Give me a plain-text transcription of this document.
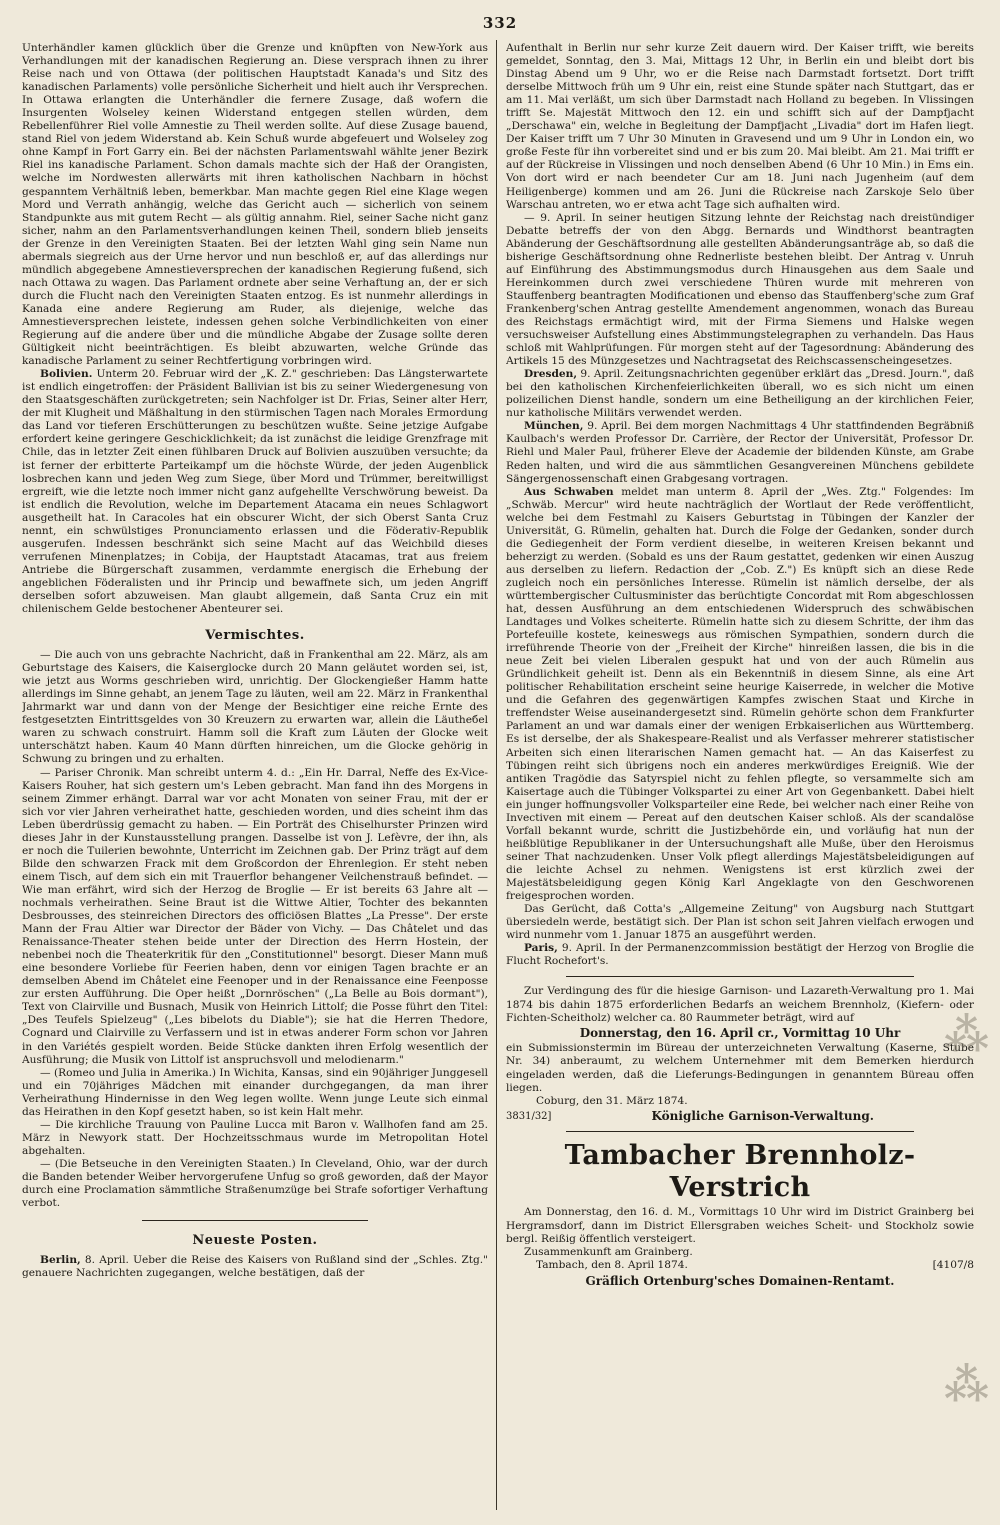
332

Unterhändler kamen glücklich über die Grenze und knüpften von New-York aus Verhandlungen mit der kanadischen Regierung an. Diese versprach ihnen zu ihrer Reise nach und von Ottawa (der politischen Hauptstadt Kanada's und Sitz des kanadischen Parlaments) volle persönliche Sicherheit und hielt auch ihr Versprechen. In Ottawa erlangten die Unterhändler die fernere Zusage, daß wofern die Insurgenten Wolseley keinen Widerstand entgegen stellen würden, dem Rebellenführer Riel volle Amnestie zu Theil werden sollte. Auf diese Zusage bauend, stand Riel von jedem Widerstand ab. Kein Schuß wurde abgefeuert und Wolseley zog ohne Kampf in Fort Garry ein. Bei der nächsten Parlamentswahl wählte jener Bezirk Riel ins kanadische Parlament. Schon damals machte sich der Haß der Orangisten, welche im Nordwesten allerwärts mit ihren katholischen Nachbarn in höchst gespanntem Verhältniß leben, bemerkbar. Man machte gegen Riel eine Klage wegen Mord und Verrath anhängig, welche das Gericht auch — sicherlich von seinem Standpunkte aus mit gutem Recht — als gültig annahm. Riel, seiner Sache nicht ganz sicher, nahm an den Parlamentsverhandlungen keinen Theil, sondern blieb jenseits der Grenze in den Vereinigten Staaten. Bei der letzten Wahl ging sein Name nun abermals siegreich aus der Urne hervor und nun beschloß er, auf das allerdings nur mündlich abgegebene Amnestieversprechen der kanadischen Regierung fußend, sich nach Ottawa zu wagen. Das Parlament ordnete aber seine Verhaftung an, der er sich durch die Flucht nach den Vereinigten Staaten entzog. Es ist nunmehr allerdings in Kanada eine andere Regierung am Ruder, als diejenige, welche das Amnestieversprechen leistete, indessen gehen solche Verbindlichkeiten von einer Regierung auf die andere über und die mündliche Abgabe der Zusage sollte deren Gültigkeit nicht beeinträchtigen. Es bleibt abzuwarten, welche Gründe das kanadische Parlament zu seiner Rechtfertigung vorbringen wird.

Bolivien. Unterm 20. Februar wird der „K. Z." geschrieben: Das Längsterwartete ist endlich eingetroffen: der Präsident Ballivian ist bis zu seiner Wiedergenesung von den Staatsgeschäften zurückgetreten; sein Nachfolger ist Dr. Frias, Seiner alter Herr, der mit Klugheit und Mäßhaltung in den stürmischen Tagen nach Morales Ermordung das Land vor tieferen Erschütterungen zu beschützen wußte. Seine jetzige Aufgabe erfordert keine geringere Geschicklichkeit; da ist zunächst die leidige Grenzfrage mit Chile, das in letzter Zeit einen fühlbaren Druck auf Bolivien auszuüben versuchte; da ist ferner der erbitterte Parteikampf um die höchste Würde, der jeden Augenblick losbrechen kann und jeden Weg zum Siege, über Mord und Trümmer, bereitwilligst ergreift, wie die letzte noch immer nicht ganz aufgehellte Verschwörung beweist. Da ist endlich die Revolution, welche im Departement Atacama ein neues Schlagwort ausgetheilt hat. In Caracoles hat ein obscurer Wicht, der sich Oberst Santa Cruz nennt, ein schwülstiges Pronunciamento erlassen und die Föderativ-Republik ausgerufen. Indessen beschränkt sich seine Macht auf das Weichbild dieses verrufenen Minenplatzes; in Cobija, der Hauptstadt Atacamas, trat aus freiem Antriebe die Bürgerschaft zusammen, verdammte energisch die Erhebung der angeblichen Föderalisten und ihr Princip und bewaffnete sich, um jeden Angriff derselben sofort abzuweisen. Man glaubt allgemein, daß Santa Cruz ein mit chilenischem Gelde bestochener Abenteurer sei.

Vermischtes.

— Die auch von uns gebrachte Nachricht, daß in Frankenthal am 22. März, als am Geburtstage des Kaisers, die Kaiserglocke durch 20 Mann geläutet worden sei, ist, wie jetzt aus Worms geschrieben wird, unrichtig. Der Glockengießer Hamm hatte allerdings im Sinne gehabt, an jenem Tage zu läuten, weil am 22. März in Frankenthal Jahrmarkt war und dann von der Menge der Besichtiger eine reiche Ernte des festgesetzten Eintrittsgeldes von 30 Kreuzern zu erwarten war, allein die Läutheбel waren zu schwach construirt. Hamm soll die Kraft zum Läuten der Glocke weit unterschätzt haben. Kaum 40 Mann dürften hinreichen, um die Glocke gehörig in Schwung zu bringen und zu erhalten.

— Pariser Chronik. Man schreibt unterm 4. d.: „Ein Hr. Darral, Neffe des Ex-Vice-Kaisers Rouher, hat sich gestern um's Leben gebracht. Man fand ihn des Morgens in seinem Zimmer erhängt. Darral war vor acht Monaten von seiner Frau, mit der er sich vor vier Jahren verheirathet hatte, geschieden worden, und dies scheint ihm das Leben überdrüssig gemacht zu haben. — Ein Porträt des Chiselhurster Prinzen wird dieses Jahr in der Kunstausstellung prangen. Dasselbe ist von J. Lefèvre, der ihn, als er noch die Tuilerien bewohnte, Unterricht im Zeichnen gab. Der Prinz trägt auf dem Bilde den schwarzen Frack mit dem Großcordon der Ehrenlegion. Er steht neben einem Tisch, auf dem sich ein mit Trauerflor behangener Veilchenstrauß befindet. — Wie man erfährt, wird sich der Herzog de Broglie — Er ist bereits 63 Jahre alt — nochmals verheirathen. Seine Braut ist die Wittwe Altier, Tochter des bekannten Desbrousses, des steinreichen Directors des officiösen Blattes „La Presse". Der erste Mann der Frau Altier war Director der Bäder von Vichy. — Das Châtelet und das Renaissance-Theater stehen beide unter der Direction des Herrn Hostein, der nebenbei noch die Theaterkritik für den „Constitutionnel" besorgt. Dieser Mann muß eine besondere Vorliebe für Feerien haben, denn vor einigen Tagen brachte er an demselben Abend im Châtelet eine Feenoper und in der Renaissance eine Feenposse zur ersten Aufführung. Die Oper heißt „Dornröschen" („La Belle au Bois dormant"), Text von Clairville und Busnach, Musik von Heinrich Littolf; die Posse führt den Titel: „Des Teufels Spielzeug" („Les bibelots du Diable"); sie hat die Herren Thedore, Cognard und Clairville zu Verfassern und ist in etwas anderer Form schon vor Jahren in den Variétés gespielt worden. Beide Stücke dankten ihren Erfolg wesentlich der Ausführung; die Musik von Littolf ist anspruchsvoll und melodienarm."

— (Romeo und Julia in Amerika.) In Wichita, Kansas, sind ein 90jähriger Junggesell und ein 70jähriges Mädchen mit einander durchgegangen, da man ihrer Verheirathung Hindernisse in den Weg legen wollte. Wenn junge Leute sich einmal das Heirathen in den Kopf gesetzt haben, so ist kein Halt mehr.

— Die kirchliche Trauung von Pauline Lucca mit Baron v. Wallhofen fand am 25. März in Newyork statt. Der Hochzeitsschmaus wurde im Metropolitan Hotel abgehalten.

— (Die Betseuche in den Vereinigten Staaten.) In Cleveland, Ohio, war der durch die Banden betender Weiber hervorgerufene Unfug so groß geworden, daß der Mayor durch eine Proclamation sämmtliche Straßenumzüge bei Strafe sofortiger Verhaftung verbot.

Neueste Posten.

Berlin, 8. April. Ueber die Reise des Kaisers von Rußland sind der „Schles. Ztg." genauere Nachrichten zugegangen, welche bestätigen, daß der

Aufenthalt in Berlin nur sehr kurze Zeit dauern wird. Der Kaiser trifft, wie bereits gemeldet, Sonntag, den 3. Mai, Mittags 12 Uhr, in Berlin ein und bleibt dort bis Dinstag Abend um 9 Uhr, wo er die Reise nach Darmstadt fortsetzt. Dort trifft derselbe Mittwoch früh um 9 Uhr ein, reist eine Stunde später nach Stuttgart, das er am 11. Mai verläßt, um sich über Darmstadt nach Holland zu begeben. In Vlissingen trifft Se. Majestät Mittwoch den 12. ein und schifft sich auf der Dampfjacht „Derschawa" ein, welche in Begleitung der Dampfjacht „Livadia" dort im Hafen liegt. Der Kaiser trifft um 7 Uhr 30 Minuten in Gravesend und um 9 Uhr in London ein, wo große Feste für ihn vorbereitet sind und er bis zum 20. Mai bleibt. Am 21. Mai trifft er auf der Rückreise in Vlissingen und noch denselben Abend (6 Uhr 10 Min.) in Ems ein. Von dort wird er nach beendeter Cur am 18. Juni nach Jugenheim (auf dem Heiligenberge) kommen und am 26. Juni die Rückreise nach Zarskoje Selo über Warschau antreten, wo er etwa acht Tage sich aufhalten wird.

— 9. April. In seiner heutigen Sitzung lehnte der Reichstag nach dreistündiger Debatte betreffs der von den Abgg. Bernards und Windthorst beantragten Abänderung der Geschäftsordnung alle gestellten Abänderungsanträge ab, so daß die bisherige Geschäftsordnung ohne Rednerliste bestehen bleibt. Der Antrag v. Unruh auf Einführung des Abstimmungsmodus durch Hinausgehen aus dem Saale und Hereinkommen durch zwei verschiedene Thüren wurde mit mehreren von Stauffenberg beantragten Modificationen und ebenso das Stauffenberg'sche zum Graf Frankenberg'schen Antrag gestellte Amendement angenommen, wonach das Bureau des Reichstags ermächtigt wird, mit der Firma Siemens und Halske wegen versuchsweiser Aufstellung eines Abstimmungstelegraphen zu verhandeln. Das Haus schloß mit Wahlprüfungen. Für morgen steht auf der Tagesordnung: Abänderung des Artikels 15 des Münzgesetzes und Nachtragsetat des Reichscassenscheingesetzes.

Dresden, 9. April. Zeitungsnachrichten gegenüber erklärt das „Dresd. Journ.", daß bei den katholischen Kirchenfeierlichkeiten überall, wo es sich nicht um einen polizeilichen Dienst handle, sondern um eine Betheiligung an der kirchlichen Feier, nur katholische Militärs verwendet werden.

München, 9. April. Bei dem morgen Nachmittags 4 Uhr stattfindenden Begräbniß Kaulbach's werden Professor Dr. Carrière, der Rector der Universität, Professor Dr. Riehl und Maler Paul, früherer Eleve der Academie der bildenden Künste, am Grabe Reden halten, und wird die aus sämmtlichen Gesangvereinen Münchens gebildete Sängergenossenschaft einen Grabgesang vortragen.

Aus Schwaben meldet man unterm 8. April der „Wes. Ztg." Folgendes: Im „Schwäb. Mercur" wird heute nachträglich der Wortlaut der Rede veröffentlicht, welche bei dem Festmahl zu Kaisers Geburtstag in Tübingen der Kanzler der Universität, G. Rümelin, gehalten hat. Durch die Folge der Gedanken, sonder durch die Gediegenheit der Form verdient dieselbe, in weiteren Kreisen bekannt und beherzigt zu werden. (Sobald es uns der Raum gestattet, gedenken wir einen Auszug aus derselben zu liefern. Redaction der „Cob. Z.") Es knüpft sich an diese Rede zugleich noch ein persönliches Interesse. Rümelin ist nämlich derselbe, der als württembergischer Cultusminister das berüchtigte Concordat mit Rom abgeschlossen hat, dessen Ausführung an dem entschiedenen Widerspruch des schwäbischen Landtages und Volkes scheiterte. Rümelin hatte sich zu diesem Schritte, der ihm das Portefeuille kostete, keineswegs aus römischen Sympathien, sondern durch die irreführende Theorie von der „Freiheit der Kirche" hinreißen lassen, die bis in die neue Zeit bei vielen Liberalen gespukt hat und von der auch Rümelin aus Gründlichkeit geheilt ist. Denn als ein Bekenntniß in diesem Sinne, als eine Art politischer Rehabilitation erscheint seine heurige Kaiserrede, in welcher die Motive und die Gefahren des gegenwärtigen Kampfes zwischen Staat und Kirche in treffendster Weise auseinandergesetzt sind. Rümelin gehörte schon dem Frankfurter Parlament an und war damals einer der wenigen Erbkaiserlichen aus Württemberg. Es ist derselbe, der als Shakespeare-Realist und als Verfasser mehrerer statistischer Arbeiten sich einen literarischen Namen gemacht hat. — An das Kaiserfest zu Tübingen reiht sich übrigens noch ein anderes merkwürdiges Ereigniß. Wie der antiken Tragödie das Satyrspiel nicht zu fehlen pflegte, so versammelte sich am Kaisertage auch die Tübinger Volkspartei zu einer Art von Gegenbankett. Dabei hielt ein junger hoffnungsvoller Volksparteiler eine Rede, bei welcher nach einer Reihe von Invectiven mit einem — Pereat auf den deutschen Kaiser schloß. Als der scandalöse Vorfall bekannt wurde, schritt die Justizbehörde ein, und vorläufig hat nun der heißblütige Republikaner in der Untersuchungshaft alle Muße, über den Heroismus seiner That nachzudenken. Unser Volk pflegt allerdings Majestätsbeleidigungen auf die leichte Achsel zu nehmen. Wenigstens ist erst kürzlich zwei der Majestätsbeleidigung gegen König Karl Angeklagte von den Geschworenen freigesprochen worden.

Das Gerücht, daß Cotta's „Allgemeine Zeitung" von Augsburg nach Stuttgart übersiedeln werde, bestätigt sich. Der Plan ist schon seit Jahren vielfach erwogen und wird nunmehr vom 1. Januar 1875 an ausgeführt werden.

Paris, 9. April. In der Permanenzcommission bestätigt der Herzog von Broglie die Flucht Rochefort's.

Zur Verdingung des für die hiesige Garnison- und Lazareth-Verwaltung pro 1. Mai 1874 bis dahin 1875 erforderlichen Bedarfs an weichem Brennholz, (Kiefern- oder Fichten-Scheitholz) welcher ca. 80 Raummeter beträgt, wird auf

Donnerstag, den 16. April cr., Vormittag 10 Uhr

ein Submissionstermin im Büreau der unterzeichneten Verwaltung (Kaserne, Stube Nr. 34) anberaumt, zu welchem Unternehmer mit dem Bemerken hierdurch eingeladen werden, daß die Lieferungs-Bedingungen in genanntem Büreau offen liegen.

Coburg, den 31. März 1874.

3831/32]	Königliche Garnison-Verwaltung.
Tambacher Brennholz-Verstrich

Am Donnerstag, den 16. d. M., Vormittags 10 Uhr wird im District Grainberg bei Hergramsdorf, dann im District Ellersgraben weiches Scheit- und Stockholz sowie bergl. Reißig öffentlich versteigert.

Zusammenkunft am Grainberg.

Tambach, den 8. April 1874.	[4107/8
Gräflich Ortenburg'sches Domainen-Rentamt.
⁂
⁂
